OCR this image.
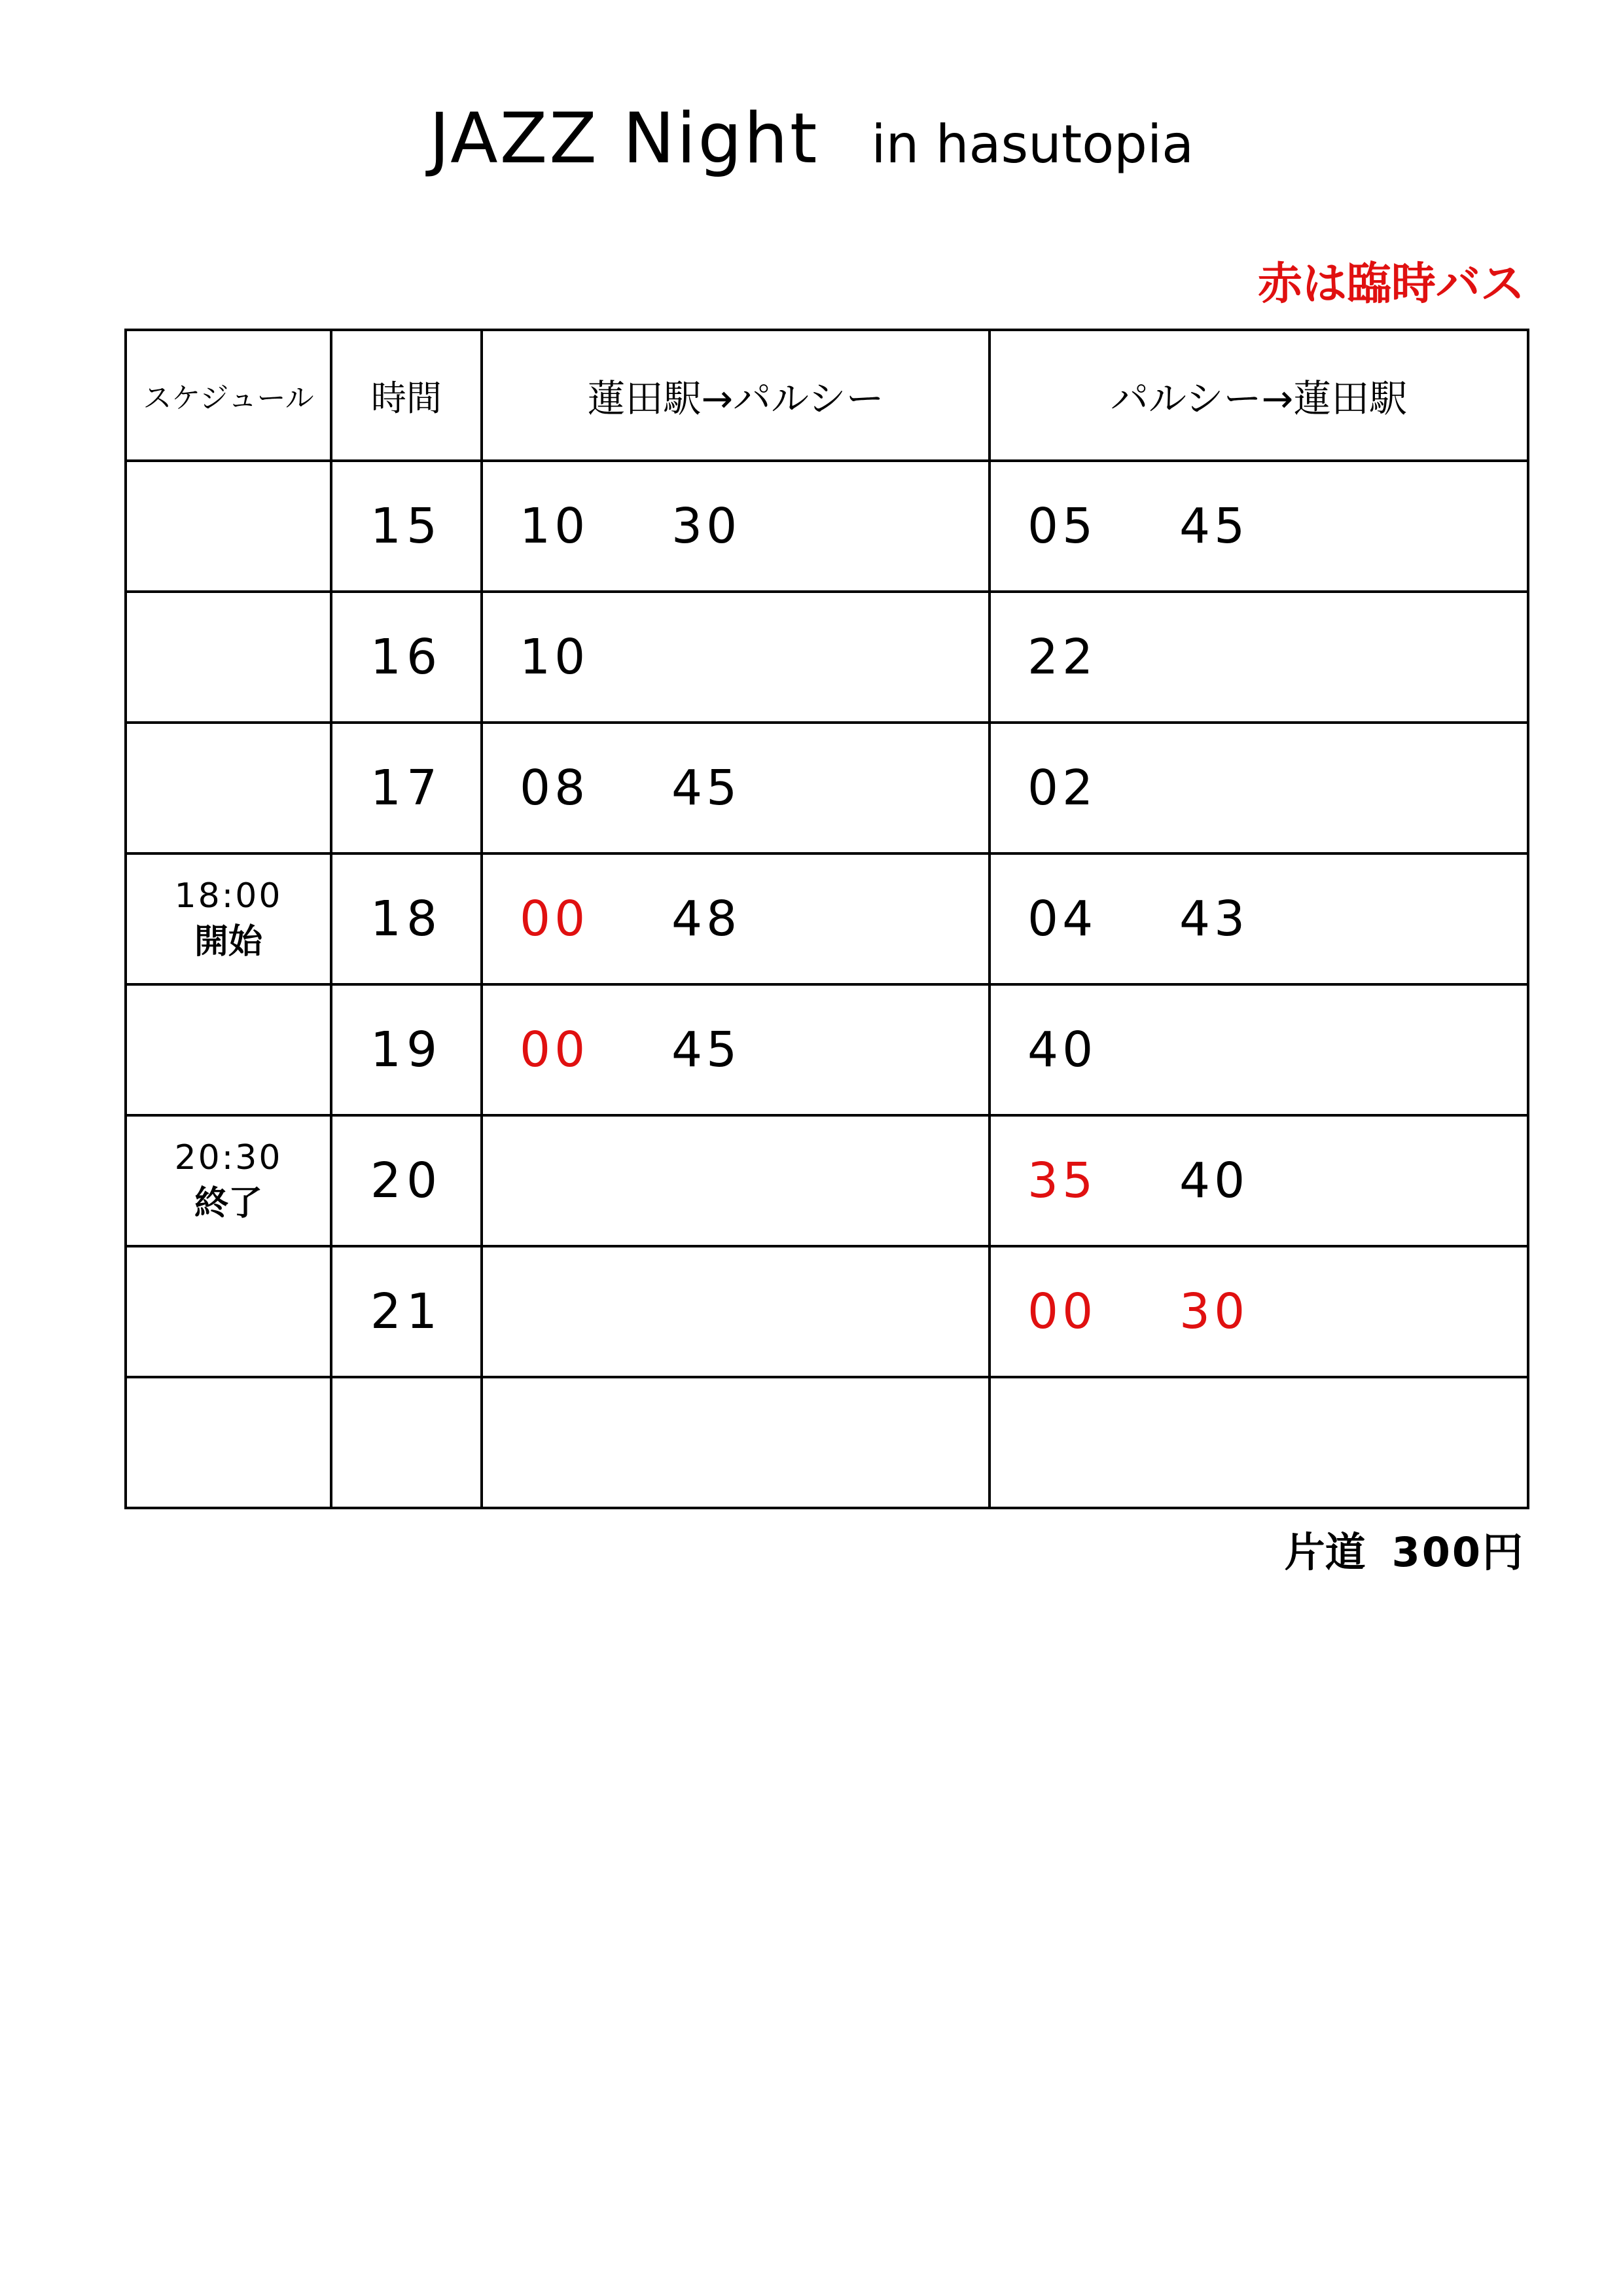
JAZZ Night in hasutopia
赤は臨時バス
スケジュール	時間	蓮田駅→パルシー	パルシー→蓮田駅

	15	10 30	05 45

	16	10	22

	17	08 45	02

18:00
開始	18	00 48	04 43

	19	00 45	40

20:30
終了	20		35 40

	21		00 30

片道 300円
